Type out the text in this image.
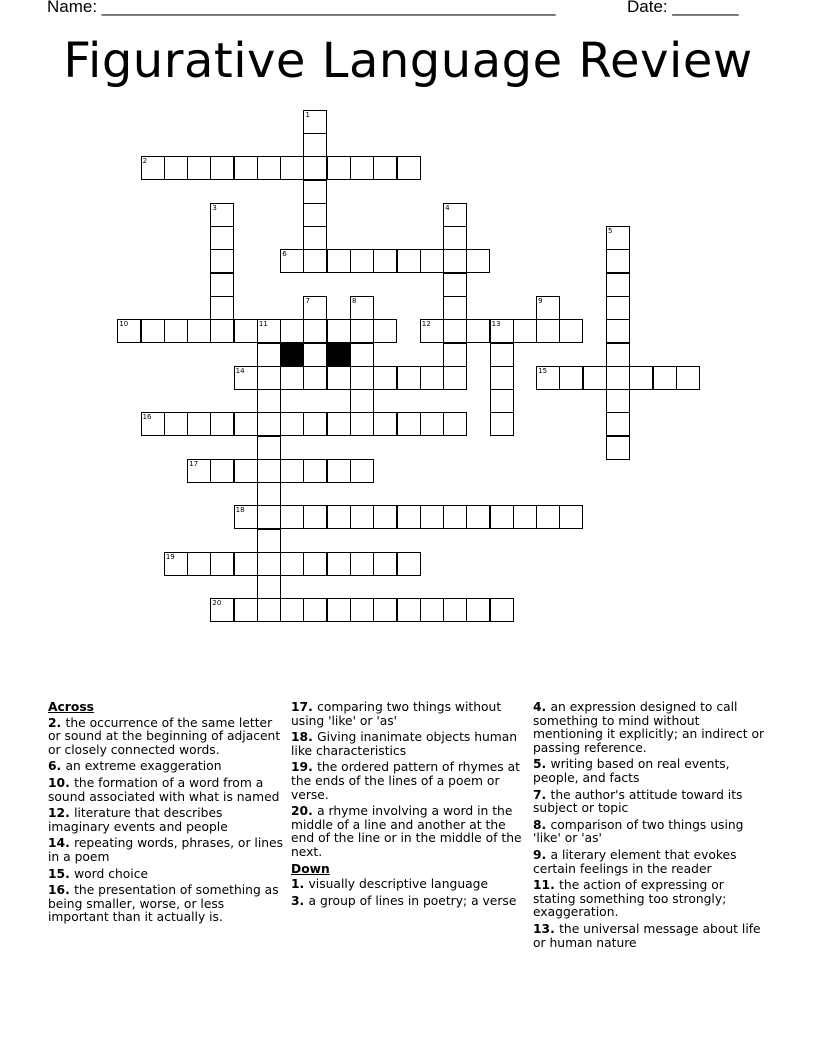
Name: ________________________________________________	Date: _______
Figurative Language Review
1
2
3	4
5
6
7	8	9
10	11	12	13
14	15
16
17
18
19
20
Across
2. the occurrence of the same letter or sound at the beginning of adjacent or closely connected words.
6. an extreme exaggeration
10. the formation of a word from a sound associated with what is named
12. literature that describes imaginary events and people
14. repeating words, phrases, or lines in a poem
15. word choice
16. the presentation of something as being smaller, worse, or less important than it actually is.
17. comparing two things without using 'like' or 'as'
18. Giving inanimate objects human like characteristics
19. the ordered pattern of rhymes at the ends of the lines of a poem or verse.
20. a rhyme involving a word in the middle of a line and another at the end of the line or in the middle of the next.
Down
1. visually descriptive language
3. a group of lines in poetry; a verse
4. an expression designed to call something to mind without mentioning it explicitly; an indirect or passing reference.
5. writing based on real events, people, and facts
7. the author's attitude toward its subject or topic
8. comparison of two things using 'like' or 'as'
9. a literary element that evokes certain feelings in the reader
11. the action of expressing or stating something too strongly; exaggeration.
13. the universal message about life or human nature
